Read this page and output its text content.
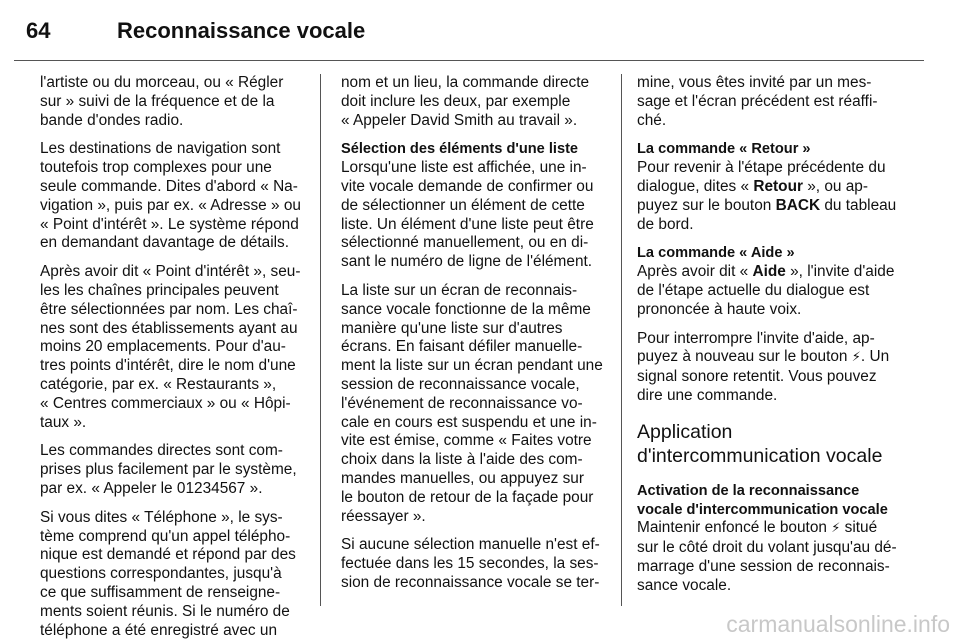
64	Reconnaissance vocale
l'artiste ou du morceau, ou « Régler
sur » suivi de la fréquence et de la
bande d'ondes radio.
Les destinations de navigation sont
toutefois trop complexes pour une
seule commande. Dites d'abord « Na-
vigation », puis par ex. « Adresse » ou
« Point d'intérêt ». Le système répond
en demandant davantage de détails.
Après avoir dit « Point d'intérêt », seu-
les les chaînes principales peuvent
être sélectionnées par nom. Les chaî-
nes sont des établissements ayant au
moins 20 emplacements. Pour d'au-
tres points d'intérêt, dire le nom d'une
catégorie, par ex. « Restaurants »,
« Centres commerciaux » ou « Hôpi-
taux ».
Les commandes directes sont com-
prises plus facilement par le système,
par ex. « Appeler le 01234567 ».
Si vous dites « Téléphone », le sys-
tème comprend qu'un appel télépho-
nique est demandé et répond par des
questions correspondantes, jusqu'à
ce que suffisamment de renseigne-
ments soient réunis. Si le numéro de
téléphone a été enregistré avec un
nom et un lieu, la commande directe
doit inclure les deux, par exemple
« Appeler David Smith au travail ».
Sélection des éléments d'une liste
Lorsqu'une liste est affichée, une in-
vite vocale demande de confirmer ou
de sélectionner un élément de cette
liste. Un élément d'une liste peut être
sélectionné manuellement, ou en di-
sant le numéro de ligne de l'élément.
La liste sur un écran de reconnais-
sance vocale fonctionne de la même
manière qu'une liste sur d'autres
écrans. En faisant défiler manuelle-
ment la liste sur un écran pendant une
session de reconnaissance vocale,
l'événement de reconnaissance vo-
cale en cours est suspendu et une in-
vite est émise, comme « Faites votre
choix dans la liste à l'aide des com-
mandes manuelles, ou appuyez sur
le bouton de retour de la façade pour
réessayer ».
Si aucune sélection manuelle n'est ef-
fectuée dans les 15 secondes, la ses-
sion de reconnaissance vocale se ter-
mine, vous êtes invité par un mes-
sage et l'écran précédent est réaffi-
ché.
La commande « Retour »
Pour revenir à l'étape précédente du
dialogue, dites « Retour », ou ap-
puyez sur le bouton BACK du tableau
de bord.
La commande « Aide »
Après avoir dit « Aide », l'invite d'aide
de l'étape actuelle du dialogue est
prononcée à haute voix.
Pour interrompre l'invite d'aide, ap-
puyez à nouveau sur le bouton ⚡. Un
signal sonore retentit. Vous pouvez
dire une commande.
Application
d'intercommunication vocale
Activation de la reconnaissance
vocale d'intercommunication vocale
Maintenir enfoncé le bouton ⚡ situé
sur le côté droit du volant jusqu'au dé-
marrage d'une session de reconnais-
sance vocale.
carmanualsonline.info
